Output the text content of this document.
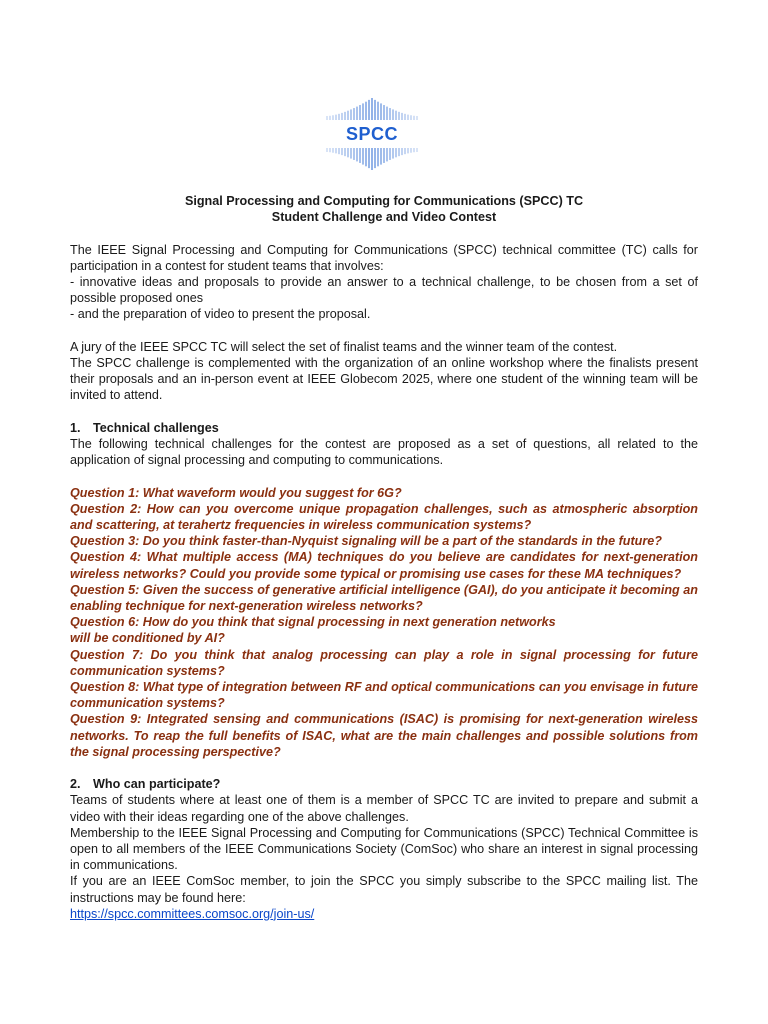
SPCC

Signal Processing and Computing for Communications (SPCC) TC

Student Challenge and Video Contest

The IEEE Signal Processing and Computing for Communications (SPCC) technical committee (TC) calls for participation in a contest for student teams that involves:

- innovative ideas and proposals to provide an answer to a technical challenge, to be chosen from a set of possible proposed ones

- and the preparation of video to present the proposal.

A jury of the IEEE SPCC TC will select the set of finalist teams and the winner team of the contest.

The SPCC challenge is complemented with the organization of an online workshop where the finalists present their proposals and an in-person event at IEEE Globecom 2025, where one student of the winning team will be invited to attend.

1. Technical challenges

The following technical challenges for the contest are proposed as a set of questions, all related to the application of signal processing and computing to communications.

Question 1: What waveform would you suggest for 6G?

Question 2: How can you overcome unique propagation challenges, such as atmospheric absorption and scattering, at terahertz frequencies in wireless communication systems?

Question 3: Do you think faster-than-Nyquist signaling will be a part of the standards in the future?

Question 4: What multiple access (MA) techniques do you believe are candidates for next-generation wireless networks? Could you provide some typical or promising use cases for these MA techniques?

Question 5: Given the success of generative artificial intelligence (GAI), do you anticipate it becoming an enabling technique for next-generation wireless networks?

Question 6: How do you think that signal processing in next generation networks

will be conditioned by AI?

Question 7: Do you think that analog processing can play a role in signal processing for future communication systems?

Question 8: What type of integration between RF and optical communications can you envisage in future communication systems?

Question 9: Integrated sensing and communications (ISAC) is promising for next-generation wireless networks. To reap the full benefits of ISAC, what are the main challenges and possible solutions from the signal processing perspective?

2. Who can participate?

Teams of students where at least one of them is a member of SPCC TC are invited to prepare and submit a video with their ideas regarding one of the above challenges.

Membership to the IEEE Signal Processing and Computing for Communications (SPCC) Technical Committee is open to all members of the IEEE Communications Society (ComSoc) who share an interest in signal processing in communications.

If you are an IEEE ComSoc member, to join the SPCC you simply subscribe to the SPCC mailing list. The instructions may be found here:

https://spcc.committees.comsoc.org/join-us/
